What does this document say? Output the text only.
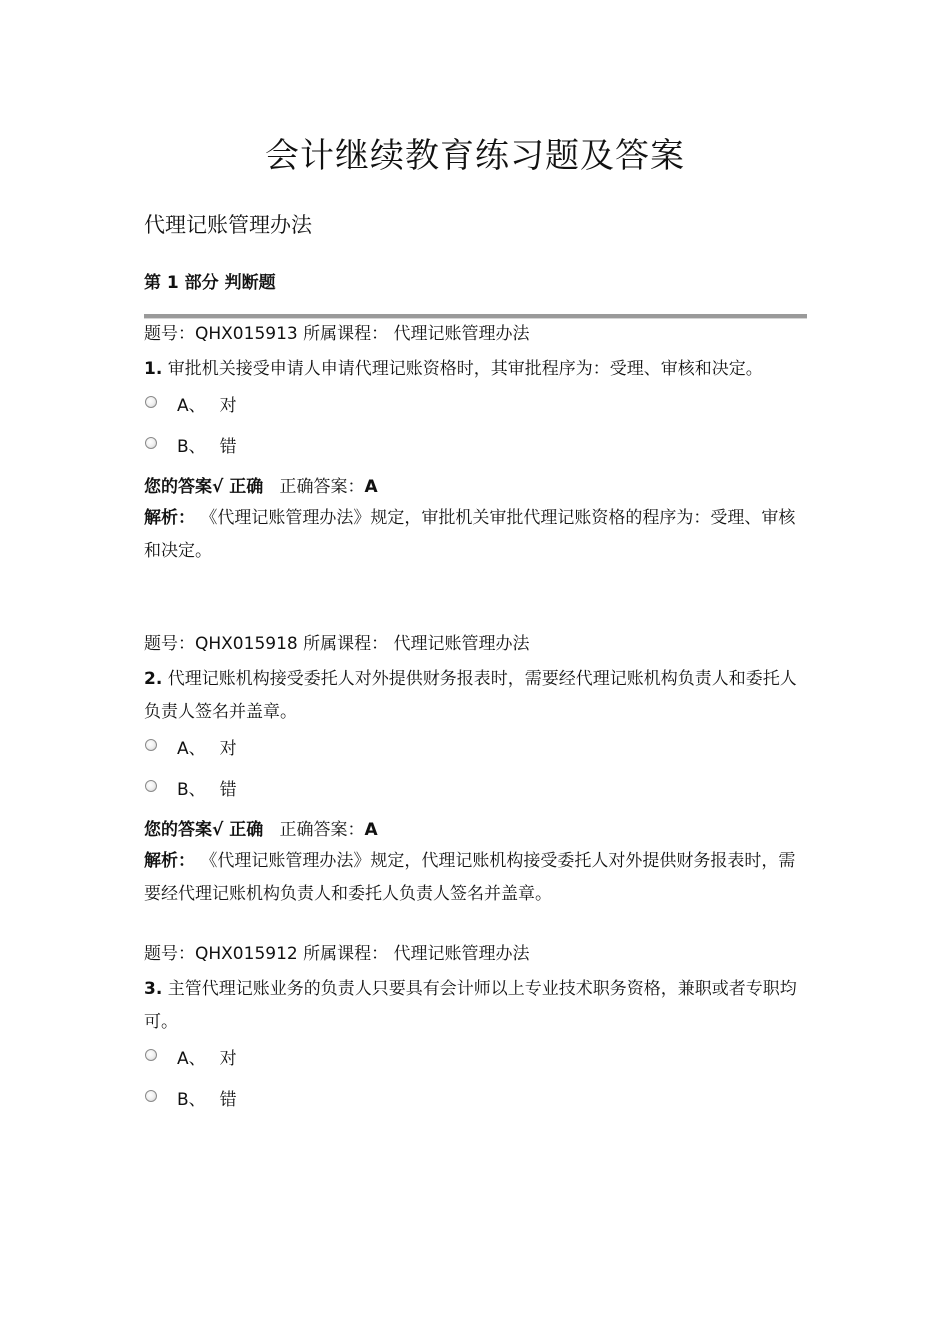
会计继续教育练习题及答案
代理记账管理办法
第 1 部分 判断题
题号：QHX015913 所属课程： 代理记账管理办法
1. 审批机关接受申请人申请代理记账资格时，其审批程序为：受理、审核和决定。
A、 对
B、 错
您的答案√ 正确 正确答案：A
解析： 《代理记账管理办法》规定，审批机关审批代理记账资格的程序为：受理、审核和决定。
题号：QHX015918 所属课程： 代理记账管理办法
2. 代理记账机构接受委托人对外提供财务报表时，需要经代理记账机构负责人和委托人负责人签名并盖章。
A、 对
B、 错
您的答案√ 正确 正确答案：A
解析： 《代理记账管理办法》规定，代理记账机构接受委托人对外提供财务报表时，需要经代理记账机构负责人和委托人负责人签名并盖章。
题号：QHX015912 所属课程： 代理记账管理办法
3. 主管代理记账业务的负责人只要具有会计师以上专业技术职务资格，兼职或者专职均可。
A、 对
B、 错
